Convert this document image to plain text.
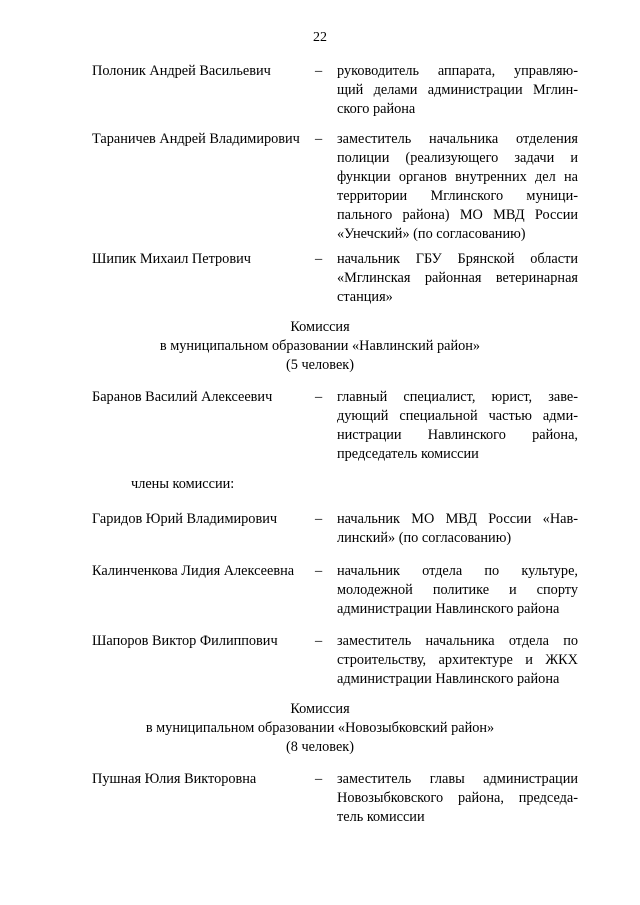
22
Полоник Андрей Васильевич	– руководитель аппарата, управляю-
щий делами администрации Мглин-
ского района
Тараничев Андрей Владимирович – заместитель начальника отделения
полиции (реализующего задачи и
функции органов внутренних дел на
территории Мглинского муници-
пального района) МО МВД России
«Унечский» (по согласованию)
Шипик Михаил Петрович	– начальник ГБУ Брянской области
«Мглинская районная ветеринарная
станция»
Комиссия
в муниципальном образовании «Навлинский район»
(5 человек)
Баранов Василий Алексеевич	– главный специалист, юрист, заве-
дующий специальной частью адми-
нистрации Навлинского района,
председатель комиссии
члены комиссии:
Гаридов Юрий Владимирович	– начальник МО МВД России «Нав-
линский» (по согласованию)
Калинченкова Лидия Алексеевна – начальник отдела по культуре,
молодежной политике и спорту
администрации Навлинского района
Шапоров Виктор Филиппович	– заместитель начальника отдела по
строительству, архитектуре и ЖКХ
администрации Навлинского района
Комиссия
в муниципальном образовании «Новозыбковский район»
(8 человек)
Пушная Юлия Викторовна	– заместитель главы администрации
Новозыбковского района, председа-
тель комиссии
